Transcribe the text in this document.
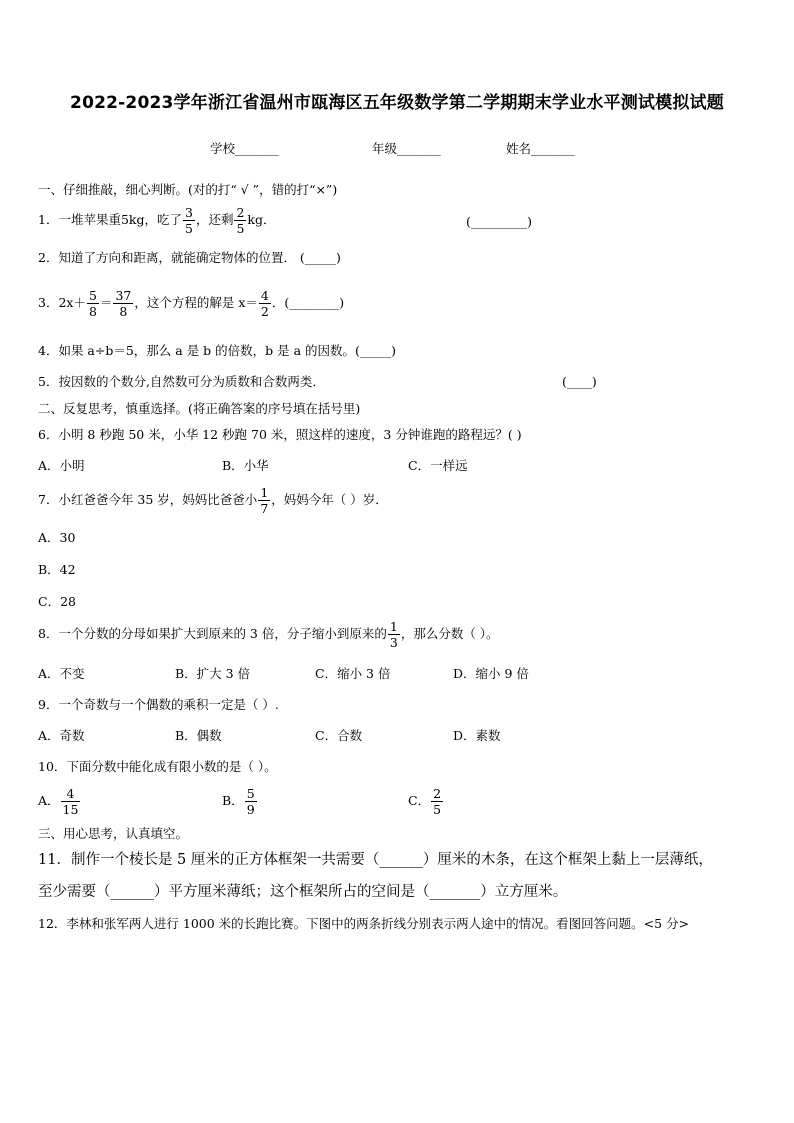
2022-2023学年浙江省温州市瓯海区五年级数学第二学期期末学业水平测试模拟试题
学校_______	年级_______	姓名_______
一、仔细推敲，细心判断。(对的打“ √ ”，错的打“×”)
1．一堆苹果重5kg，吃了 $\frac{3}{5}$ ，还剩 $\frac{2}{5}$ kg．	(_________)
2．知道了方向和距离，就能确定物体的位置． (_____)
3．$2x+ \frac{5}{8} = \frac{37}{8}$ ，这个方程的解是 $x= \frac{4}{2}$ ．(________)
4．如果 a÷b＝5，那么 a 是 b 的倍数，b 是 a 的因数。(_____)
5．按因数的个数分,自然数可分为质数和合数两类．	(____)
二、反复思考，慎重选择。(将正确答案的序号填在括号里)
6．小明 8 秒跑 50 米，小华 12 秒跑 70 米，照这样的速度，3 分钟谁跑的路程远？( )
A．小明	B．小华	C．一样远
7．小红爸爸今年 35 岁，妈妈比爸爸小 $\frac{1}{7}$ ，妈妈今年（ ）岁．
A．30
B．42
C．28
8．一个分数的分母如果扩大到原来的 3 倍，分子缩小到原来的 $\frac{1}{3}$ ，那么分数（ ）。
A．不变	B．扩大 3 倍	C．缩小 3 倍	D．缩小 9 倍
9．一个奇数与一个偶数的乘积一定是（ ）.
A．奇数	B．偶数	C．合数	D．素数
10．下面分数中能化成有限小数的是（ ）。
A． $\frac{4}{15}$	B． $\frac{5}{9}$	C． $\frac{2}{5}$
三、用心思考，认真填空。
11．制作一个棱长是 5 厘米的正方体框架一共需要（______）厘米的木条，在这个框架上黏上一层薄纸，
至少需要（______）平方厘米薄纸；这个框架所占的空间是（_______）立方厘米。
12．李林和张军两人进行 1000 米的长跑比赛。下图中的两条折线分别表示两人途中的情况。看图回答问题。<5 分>
